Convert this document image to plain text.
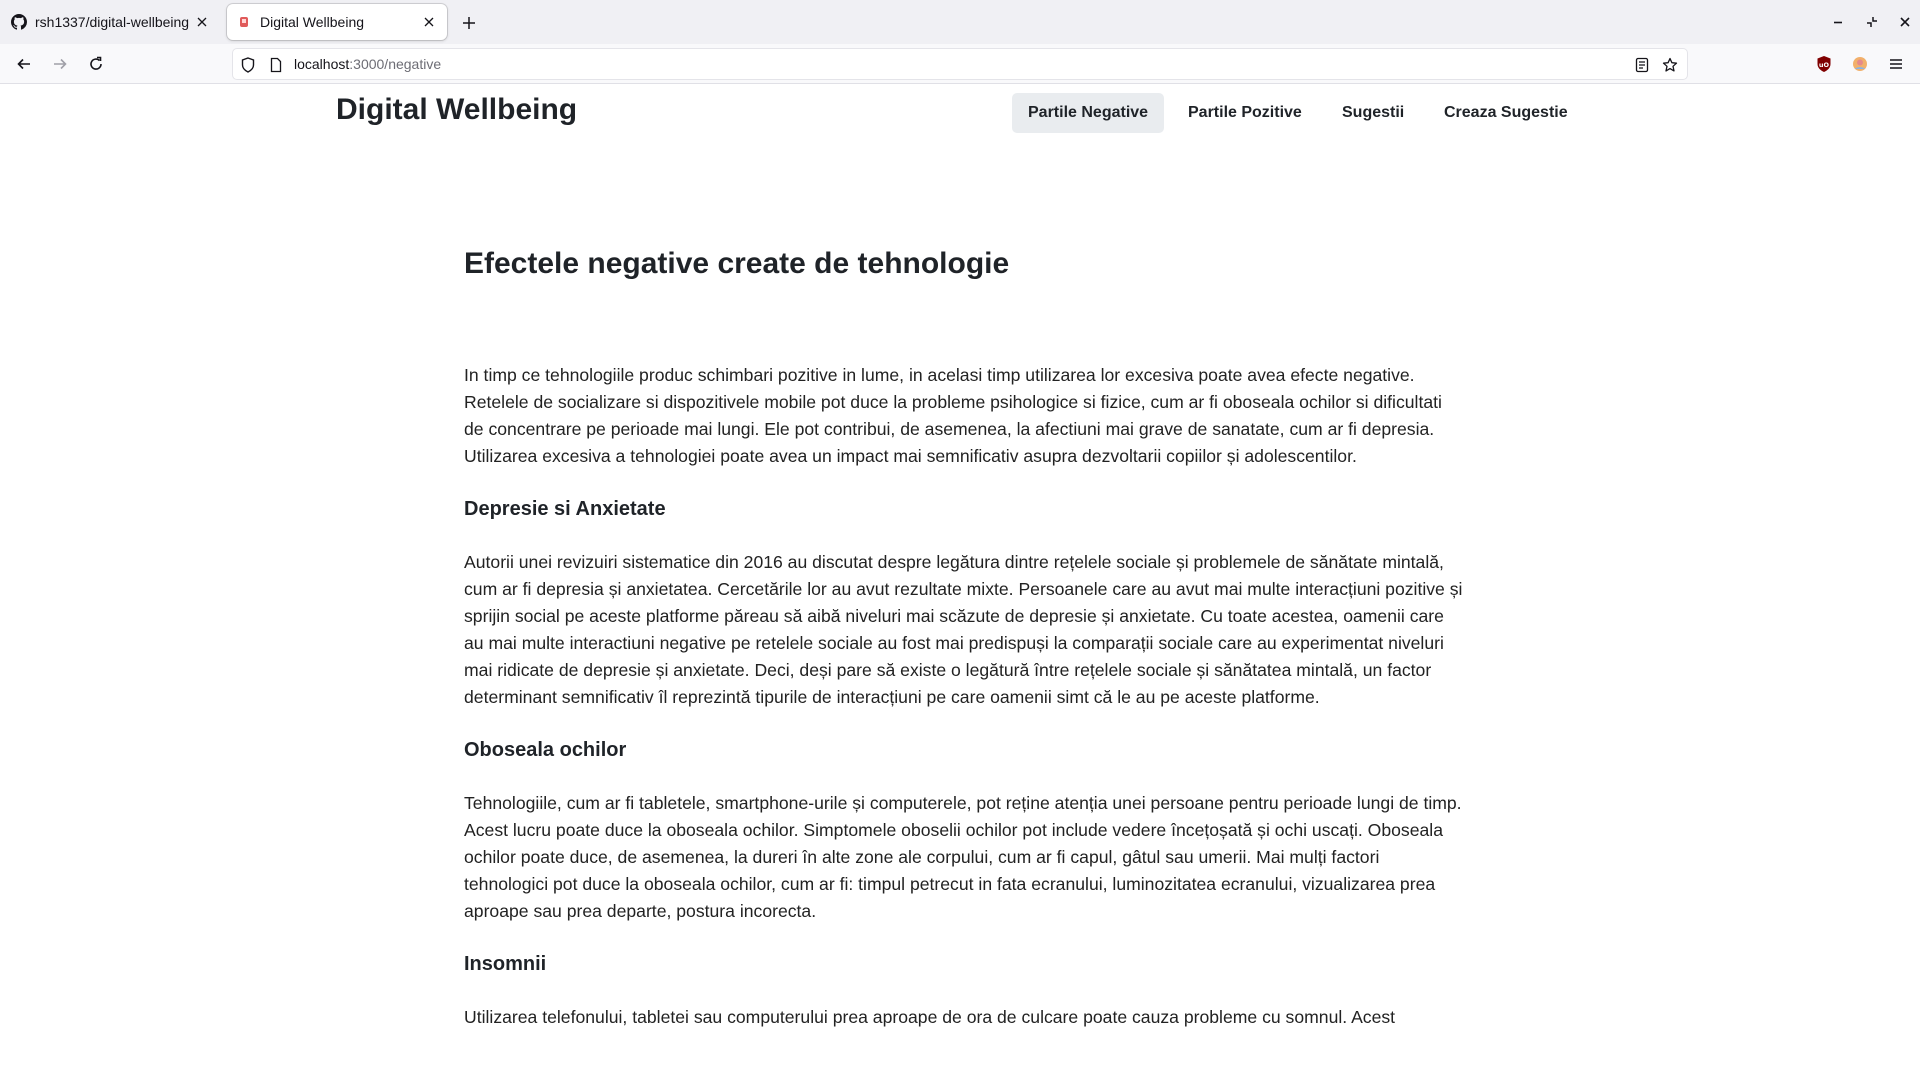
rsh1337/digital-wellbeing	Digital Wellbeing
localhost:3000/negative	uO
Digital Wellbeing	Partile Negative	Partile Pozitive	Sugestii	Creaza Sugestie
Efectele negative create de tehnologie

In timp ce tehnologiile produc schimbari pozitive in lume, in acelasi timp utilizarea lor excesiva poate avea efecte negative. Retelele de socializare si dispozitivele mobile pot duce la probleme psihologice si fizice, cum ar fi oboseala ochilor si dificultati de concentrare pe perioade mai lungi. Ele pot contribui, de asemenea, la afectiuni mai grave de sanatate, cum ar fi depresia. Utilizarea excesiva a tehnologiei poate avea un impact mai semnificativ asupra dezvoltarii copiilor și adolescentilor.

Depresie si Anxietate

Autorii unei revizuiri sistematice din 2016 au discutat despre legătura dintre rețelele sociale și problemele de sănătate mintală, cum ar fi depresia și anxietatea. Cercetările lor au avut rezultate mixte. Persoanele care au avut mai multe interacțiuni pozitive și sprijin social pe aceste platforme păreau să aibă niveluri mai scăzute de depresie și anxietate. Cu toate acestea, oamenii care au mai multe interactiuni negative pe retelele sociale au fost mai predispuși la comparații sociale care au experimentat niveluri mai ridicate de depresie și anxietate. Deci, deși pare să existe o legătură între rețelele sociale și sănătatea mintală, un factor determinant semnificativ îl reprezintă tipurile de interacțiuni pe care oamenii simt că le au pe aceste platforme.

Oboseala ochilor

Tehnologiile, cum ar fi tabletele, smartphone-urile și computerele, pot reține atenția unei persoane pentru perioade lungi de timp. Acest lucru poate duce la oboseala ochilor. Simptomele oboselii ochilor pot include vedere încețoșată și ochi uscați. Oboseala ochilor poate duce, de asemenea, la dureri în alte zone ale corpului, cum ar fi capul, gâtul sau umerii. Mai mulți factori tehnologici pot duce la oboseala ochilor, cum ar fi: timpul petrecut in fata ecranului, luminozitatea ecranului, vizualizarea prea aproape sau prea departe, postura incorecta.

Insomnii

Utilizarea telefonului, tabletei sau computerului prea aproape de ora de culcare poate cauza probleme cu somnul. Acest
